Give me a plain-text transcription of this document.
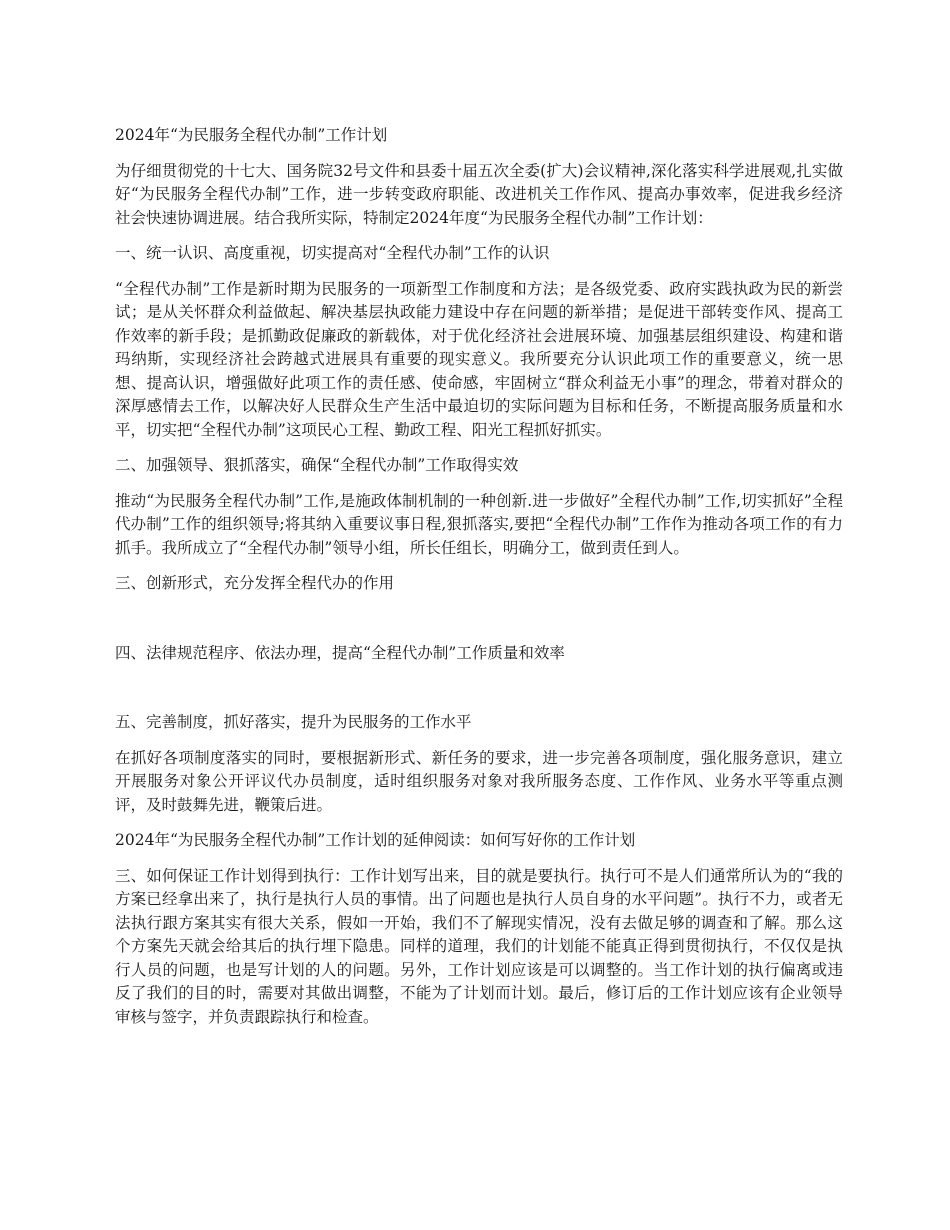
2024年“为民服务全程代办制”工作计划

为仔细贯彻党的十七大、国务院32号文件和县委十届五次全委(扩大)会议精神,深化落实科学进展观,扎实做好“为民服务全程代办制”工作，进一步转变政府职能、改进机关工作作风、提高办事效率，促进我乡经济社会快速协调进展。结合我所实际，特制定2024年度“为民服务全程代办制”工作计划：

一、统一认识、高度重视，切实提高对“全程代办制”工作的认识

“全程代办制”工作是新时期为民服务的一项新型工作制度和方法；是各级党委、政府实践执政为民的新尝试；是从关怀群众利益做起、解决基层执政能力建设中存在问题的新举措；是促进干部转变作风、提高工作效率的新手段；是抓勤政促廉政的新载体，对于优化经济社会进展环境、加强基层组织建设、构建和谐玛纳斯，实现经济社会跨越式进展具有重要的现实意义。我所要充分认识此项工作的重要意义，统一思想、提高认识，增强做好此项工作的责任感、使命感，牢固树立“群众利益无小事”的理念，带着对群众的深厚感情去工作，以解决好人民群众生产生活中最迫切的实际问题为目标和任务，不断提高服务质量和水平，切实把“全程代办制”这项民心工程、勤政工程、阳光工程抓好抓实。

二、加强领导、狠抓落实，确保“全程代办制”工作取得实效

推动“为民服务全程代办制”工作,是施政体制机制的一种创新.进一步做好”全程代办制”工作,切实抓好”全程代办制”工作的组织领导;将其纳入重要议事日程,狠抓落实,要把“全程代办制”工作作为推动各项工作的有力抓手。我所成立了“全程代办制”领导小组，所长任组长，明确分工，做到责任到人。

三、创新形式，充分发挥全程代办的作用

四、法律规范程序、依法办理，提高“全程代办制”工作质量和效率

五、完善制度，抓好落实，提升为民服务的工作水平

在抓好各项制度落实的同时，要根据新形式、新任务的要求，进一步完善各项制度，强化服务意识，建立开展服务对象公开评议代办员制度，适时组织服务对象对我所服务态度、工作作风、业务水平等重点测评，及时鼓舞先进，鞭策后进。

2024年“为民服务全程代办制”工作计划的延伸阅读：如何写好你的工作计划

三、如何保证工作计划得到执行：工作计划写出来，目的就是要执行。执行可不是人们通常所认为的“我的方案已经拿出来了，执行是执行人员的事情。出了问题也是执行人员自身的水平问题”。执行不力，或者无法执行跟方案其实有很大关系，假如一开始，我们不了解现实情况，没有去做足够的调查和了解。那么这个方案先天就会给其后的执行埋下隐患。同样的道理，我们的计划能不能真正得到贯彻执行，不仅仅是执行人员的问题，也是写计划的人的问题。另外，工作计划应该是可以调整的。当工作计划的执行偏离或违反了我们的目的时，需要对其做出调整，不能为了计划而计划。最后，修订后的工作计划应该有企业领导审核与签字，并负责跟踪执行和检查。
